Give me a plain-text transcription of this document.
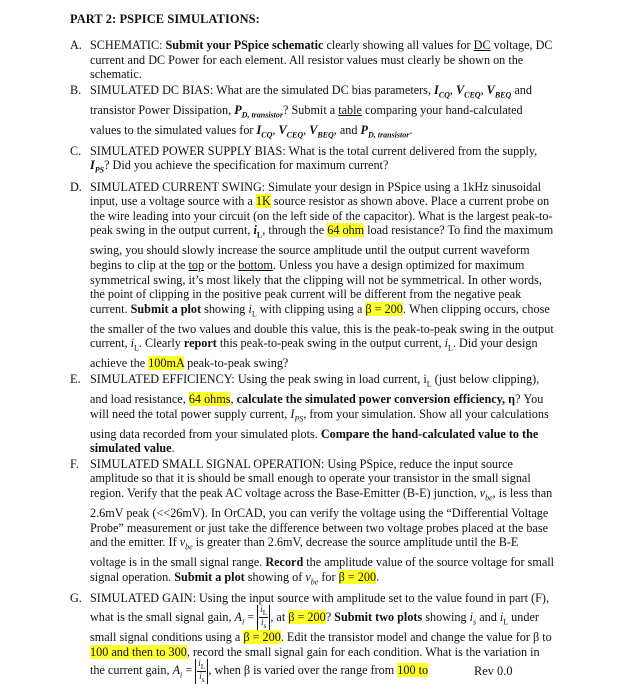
PART 2: PSPICE SIMULATIONS:
A. SCHEMATIC: Submit your PSpice schematic clearly showing all values for DC voltage, DC current and DC Power for each element. All resistor values must clearly be shown on the schematic.
B. SIMULATED DC BIAS: What are the simulated DC bias parameters, $I_{CQ}$, $V_{CEQ}$, $V_{BEQ}$ and transistor Power Dissipation, $P_{D, transistor}$? Submit a table comparing your hand-calculated values to the simulated values for $I_{CQ}$, $V_{CEQ}$, $V_{BEQ}$, and $P_{D, transistor}$.
C. SIMULATED POWER SUPPLY BIAS: What is the total current delivered from the supply, $I_{PS}$? Did you achieve the specification for maximum current?
D. SIMULATED CURRENT SWING: Simulate your design in PSpice using a 1kHz sinusoidal input, use a voltage source with a 1K source resistor as shown above. Place a current probe on the wire leading into your circuit (on the left side of the capacitor). What is the largest peak-to-peak swing in the output current, $i_L$, through the 64 ohm load resistance? To find the maximum swing, you should slowly increase the source amplitude until the output current waveform begins to clip at the top or the bottom. Unless you have a design optimized for maximum symmetrical swing, it’s most likely that the clipping will not be symmetrical. In other words, the point of clipping in the positive peak current will be different from the negative peak current. Submit a plot showing $i_L$ with clipping using a β = 200. When clipping occurs, chose the smaller of the two values and double this value, this is the peak-to-peak swing in the output current, $i_L$. Clearly report this peak-to-peak swing in the output current, $i_L$. Did your design achieve the 100mA peak-to-peak swing?
E. SIMULATED EFFICIENCY: Using the peak swing in load current, $i_L$ (just below clipping), and load resistance, 64 ohms, calculate the simulated power conversion efficiency, η? You will need the total power supply current, $I_{PS}$, from your simulation. Show all your calculations using data recorded from your simulated plots. Compare the hand-calculated value to the simulated value.
F. SIMULATED SMALL SIGNAL OPERATION: Using PSpice, reduce the input source amplitude so that it is should be small enough to operate your transistor in the small signal region. Verify that the peak AC voltage across the Base-Emitter (B-E) junction, $v_{be}$, is less than 2.6mV peak (<<26mV). In OrCAD, you can verify the voltage using the “Differential Voltage Probe” measurement or just take the difference between two voltage probes placed at the base and the emitter. If $v_{be}$ is greater than 2.6mV, decrease the source amplitude until the B-E voltage is in the small signal range. Record the amplitude value of the source voltage for small signal operation. Submit a plot showing of $v_{be}$ for β = 200.
G. SIMULATED GAIN: Using the input source with amplitude set to the value found in part (F), what is the small signal gain, $A_i = \frac{i_L}{i_s}$ , at β = 200? Submit two plots showing $i_s$ and $i_L$ under small signal conditions using a β = 200. Edit the transistor model and change the value for β to 100 and then to 300, record the small signal gain for each condition. What is the variation in the current gain, $A_i = \frac{i_L}{i_s}$ , when β is varied over the range from 100 to	Rev 0.0
